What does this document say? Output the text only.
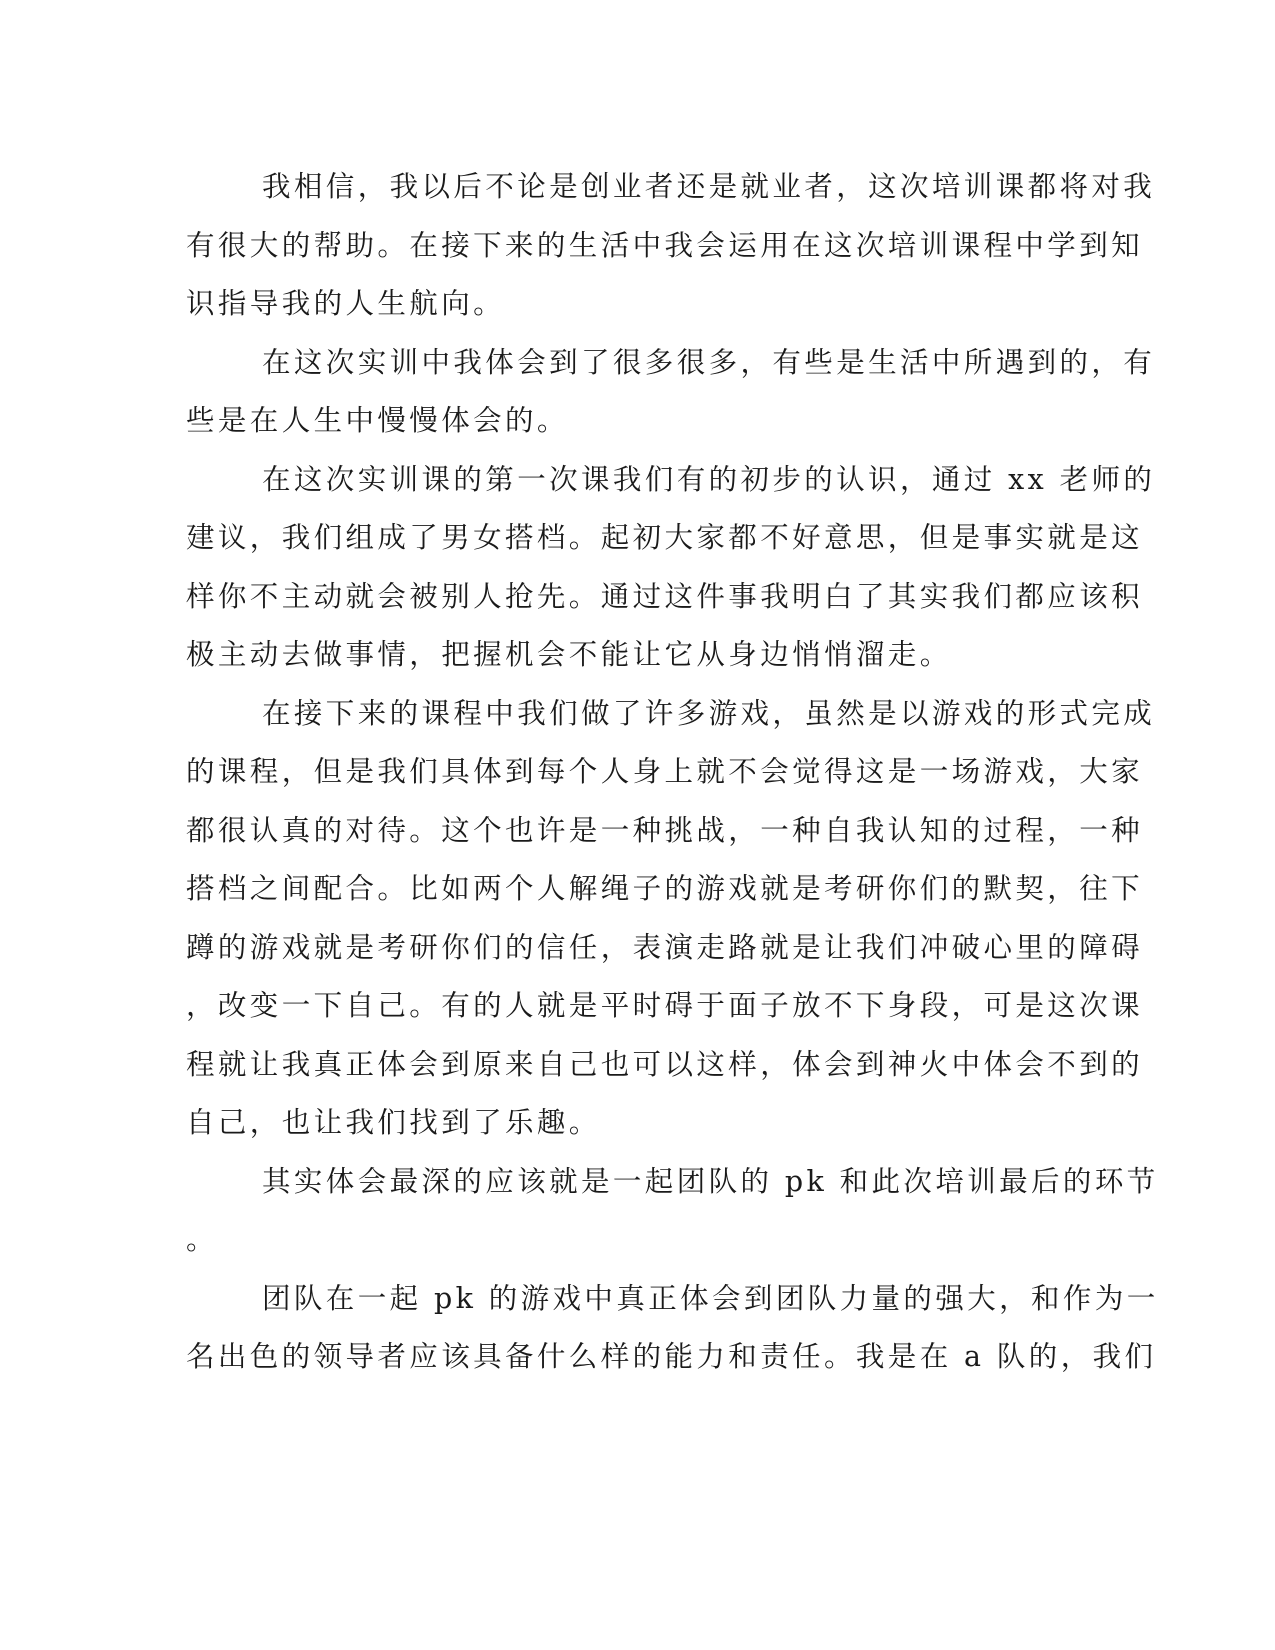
我相信，我以后不论是创业者还是就业者，这次培训课都将对我
有很大的帮助。在接下来的生活中我会运用在这次培训课程中学到知
识指导我的人生航向。
在这次实训中我体会到了很多很多，有些是生活中所遇到的，有
些是在人生中慢慢体会的。
在这次实训课的第一次课我们有的初步的认识，通过 xx 老师的
建议，我们组成了男女搭档。起初大家都不好意思，但是事实就是这
样你不主动就会被别人抢先。通过这件事我明白了其实我们都应该积
极主动去做事情，把握机会不能让它从身边悄悄溜走。
在接下来的课程中我们做了许多游戏，虽然是以游戏的形式完成
的课程，但是我们具体到每个人身上就不会觉得这是一场游戏，大家
都很认真的对待。这个也许是一种挑战，一种自我认知的过程，一种
搭档之间配合。比如两个人解绳子的游戏就是考研你们的默契，往下
蹲的游戏就是考研你们的信任，表演走路就是让我们冲破心里的障碍
，改变一下自己。有的人就是平时碍于面子放不下身段，可是这次课
程就让我真正体会到原来自己也可以这样，体会到神火中体会不到的
自己，也让我们找到了乐趣。
其实体会最深的应该就是一起团队的 pk 和此次培训最后的环节
。
团队在一起 pk 的游戏中真正体会到团队力量的强大，和作为一
名出色的领导者应该具备什么样的能力和责任。我是在 a 队的，我们
